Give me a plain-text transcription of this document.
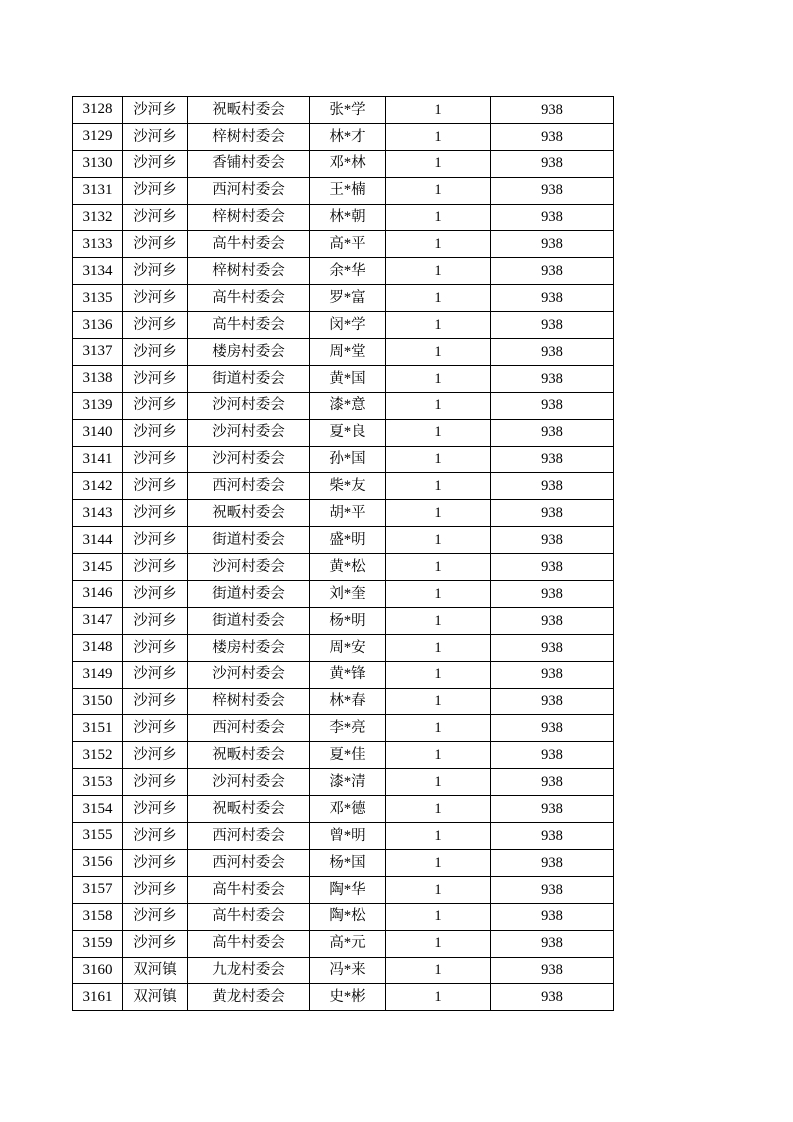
3128	沙河乡	祝畈村委会	张*学	1	938
3129	沙河乡	梓树村委会	林*才	1	938
3130	沙河乡	香铺村委会	邓*林	1	938
3131	沙河乡	西河村委会	王*楠	1	938
3132	沙河乡	梓树村委会	林*朝	1	938
3133	沙河乡	高牛村委会	高*平	1	938
3134	沙河乡	梓树村委会	余*华	1	938
3135	沙河乡	高牛村委会	罗*富	1	938
3136	沙河乡	高牛村委会	闵*学	1	938
3137	沙河乡	楼房村委会	周*堂	1	938
3138	沙河乡	街道村委会	黄*国	1	938
3139	沙河乡	沙河村委会	漆*意	1	938
3140	沙河乡	沙河村委会	夏*良	1	938
3141	沙河乡	沙河村委会	孙*国	1	938
3142	沙河乡	西河村委会	柴*友	1	938
3143	沙河乡	祝畈村委会	胡*平	1	938
3144	沙河乡	街道村委会	盛*明	1	938
3145	沙河乡	沙河村委会	黄*松	1	938
3146	沙河乡	街道村委会	刘*奎	1	938
3147	沙河乡	街道村委会	杨*明	1	938
3148	沙河乡	楼房村委会	周*安	1	938
3149	沙河乡	沙河村委会	黄*锋	1	938
3150	沙河乡	梓树村委会	林*春	1	938
3151	沙河乡	西河村委会	李*亮	1	938
3152	沙河乡	祝畈村委会	夏*佳	1	938
3153	沙河乡	沙河村委会	漆*清	1	938
3154	沙河乡	祝畈村委会	邓*德	1	938
3155	沙河乡	西河村委会	曾*明	1	938
3156	沙河乡	西河村委会	杨*国	1	938
3157	沙河乡	高牛村委会	陶*华	1	938
3158	沙河乡	高牛村委会	陶*松	1	938
3159	沙河乡	高牛村委会	高*元	1	938
3160	双河镇	九龙村委会	冯*来	1	938
3161	双河镇	黄龙村委会	史*彬	1	938
